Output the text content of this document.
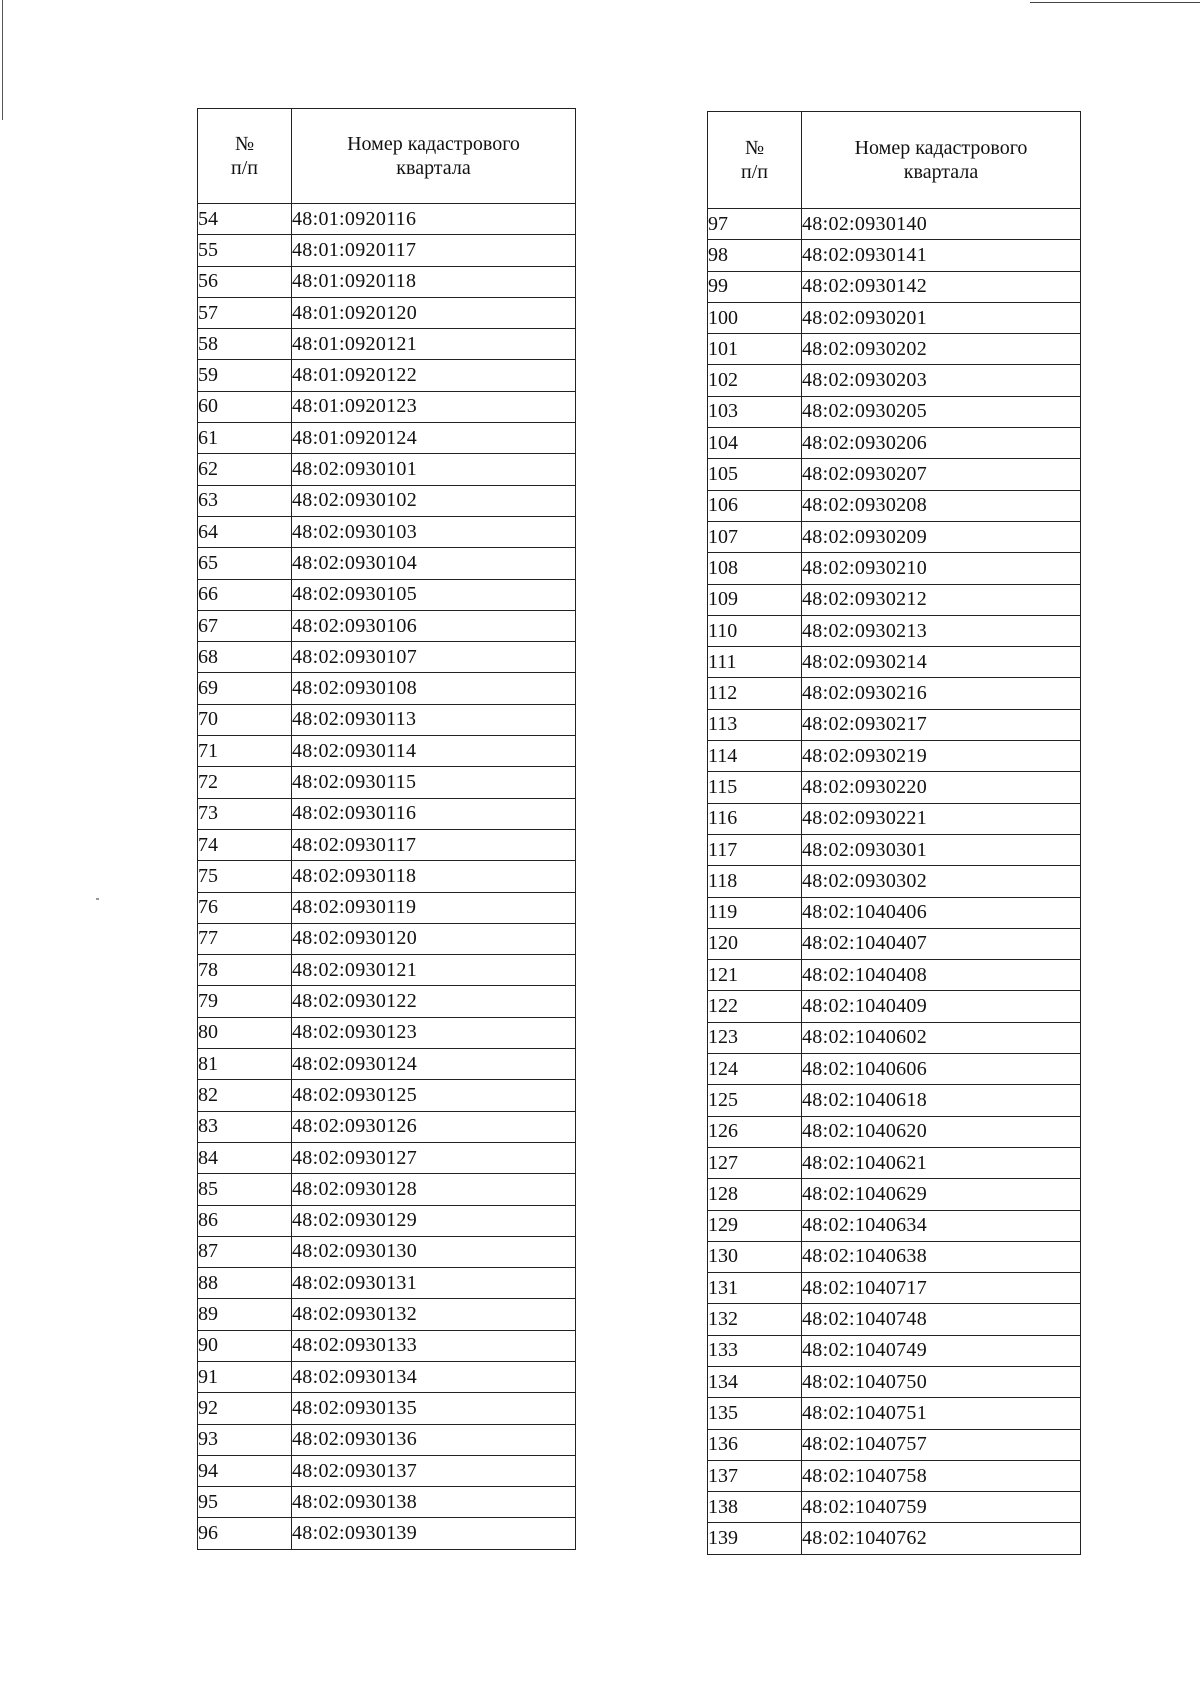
№
п/п	Номер кадастрового
квартала

54	48:01:0920116
55	48:01:0920117
56	48:01:0920118
57	48:01:0920120
58	48:01:0920121
59	48:01:0920122
60	48:01:0920123
61	48:01:0920124
62	48:02:0930101
63	48:02:0930102
64	48:02:0930103
65	48:02:0930104
66	48:02:0930105
67	48:02:0930106
68	48:02:0930107
69	48:02:0930108
70	48:02:0930113
71	48:02:0930114
72	48:02:0930115
73	48:02:0930116
74	48:02:0930117
75	48:02:0930118
76	48:02:0930119
77	48:02:0930120
78	48:02:0930121
79	48:02:0930122
80	48:02:0930123
81	48:02:0930124
82	48:02:0930125
83	48:02:0930126
84	48:02:0930127
85	48:02:0930128
86	48:02:0930129
87	48:02:0930130
88	48:02:0930131
89	48:02:0930132
90	48:02:0930133
91	48:02:0930134
92	48:02:0930135
93	48:02:0930136
94	48:02:0930137
95	48:02:0930138
96	48:02:0930139
№
п/п	Номер кадастрового
квартала

97	48:02:0930140
98	48:02:0930141
99	48:02:0930142
100	48:02:0930201
101	48:02:0930202
102	48:02:0930203
103	48:02:0930205
104	48:02:0930206
105	48:02:0930207
106	48:02:0930208
107	48:02:0930209
108	48:02:0930210
109	48:02:0930212
110	48:02:0930213
111	48:02:0930214
112	48:02:0930216
113	48:02:0930217
114	48:02:0930219
115	48:02:0930220
116	48:02:0930221
117	48:02:0930301
118	48:02:0930302
119	48:02:1040406
120	48:02:1040407
121	48:02:1040408
122	48:02:1040409
123	48:02:1040602
124	48:02:1040606
125	48:02:1040618
126	48:02:1040620
127	48:02:1040621
128	48:02:1040629
129	48:02:1040634
130	48:02:1040638
131	48:02:1040717
132	48:02:1040748
133	48:02:1040749
134	48:02:1040750
135	48:02:1040751
136	48:02:1040757
137	48:02:1040758
138	48:02:1040759
139	48:02:1040762
